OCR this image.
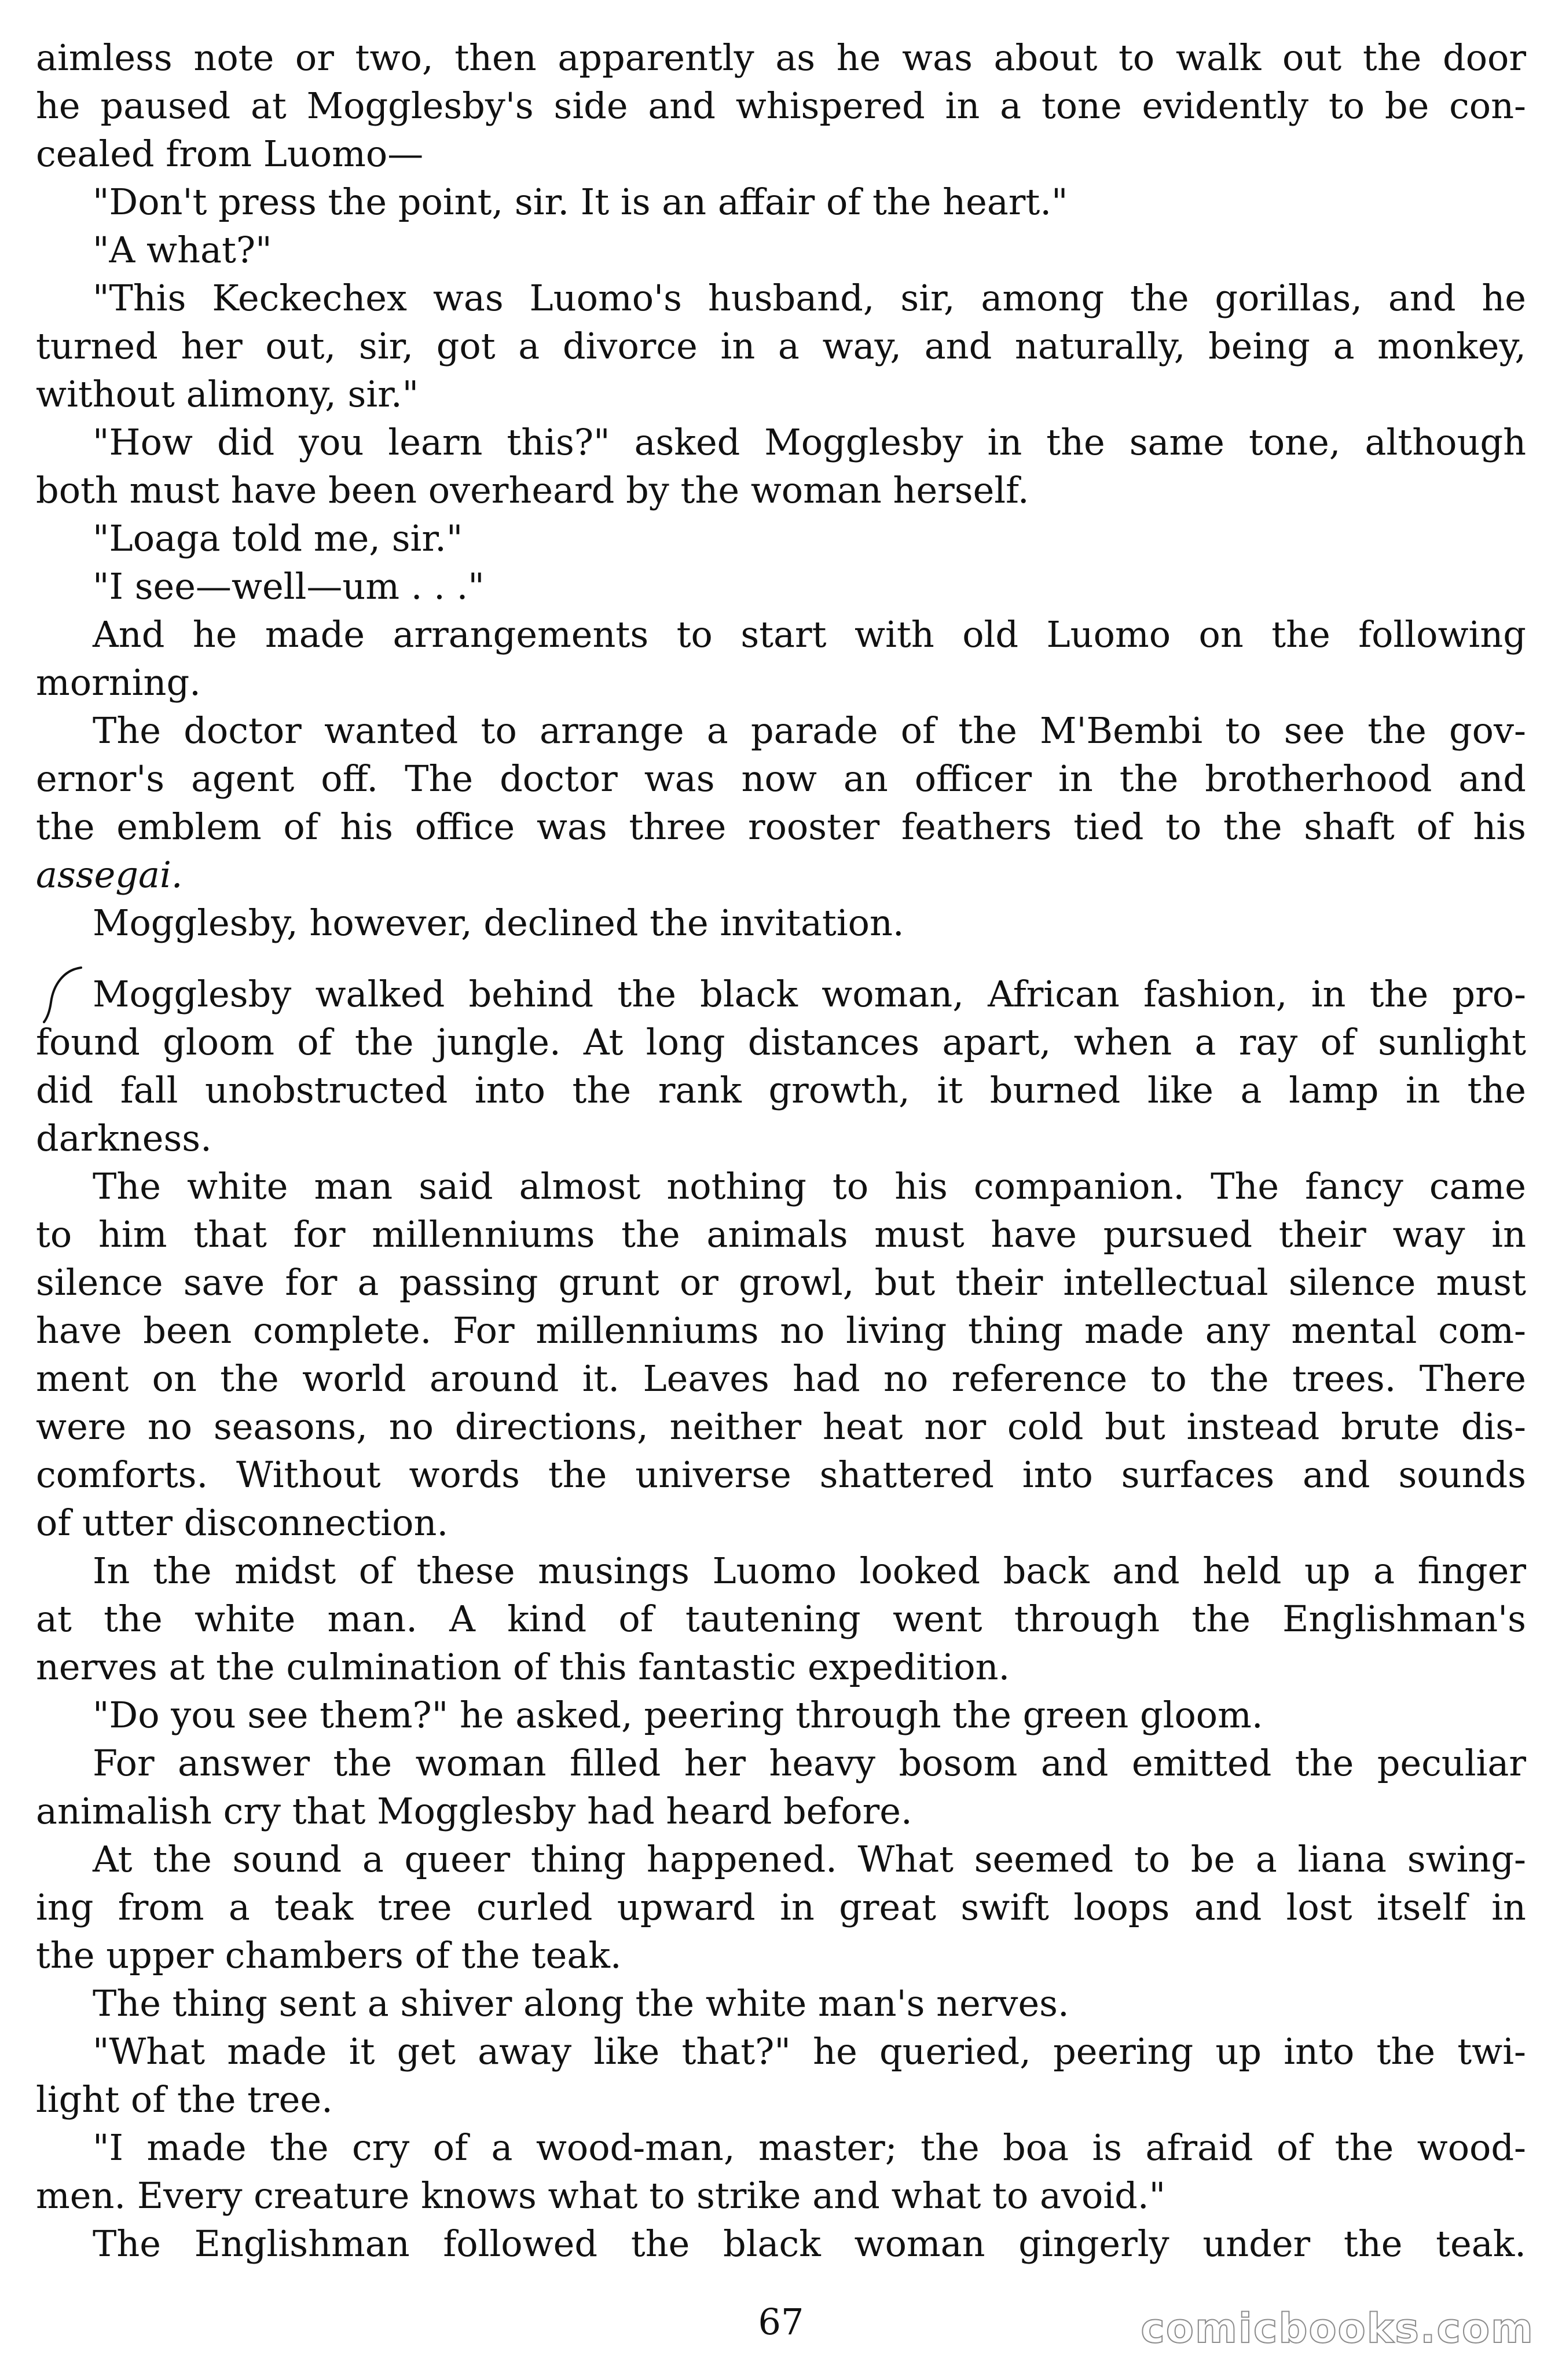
aimless note or two, then apparently as he was about to walk out the door
he paused at Mogglesby's side and whispered in a tone evidently to be con-
cealed from Luomo—
"Don't press the point, sir. It is an affair of the heart."
"A what?"
"This Keckechex was Luomo's husband, sir, among the gorillas, and he
turned her out, sir, got a divorce in a way, and naturally, being a monkey,
without alimony, sir."
"How did you learn this?" asked Mogglesby in the same tone, although
both must have been overheard by the woman herself.
"Loaga told me, sir."
"I see—well—um . . ."
And he made arrangements to start with old Luomo on the following
morning.
The doctor wanted to arrange a parade of the M'Bembi to see the gov-
ernor's agent off. The doctor was now an officer in the brotherhood and
the emblem of his office was three rooster feathers tied to the shaft of his
assegai.
Mogglesby, however, declined the invitation.
Mogglesby walked behind the black woman, African fashion, in the pro-
found gloom of the jungle. At long distances apart, when a ray of sunlight
did fall unobstructed into the rank growth, it burned like a lamp in the
darkness.
The white man said almost nothing to his companion. The fancy came
to him that for millenniums the animals must have pursued their way in
silence save for a passing grunt or growl, but their intellectual silence must
have been complete. For millenniums no living thing made any mental com-
ment on the world around it. Leaves had no reference to the trees. There
were no seasons, no directions, neither heat nor cold but instead brute dis-
comforts. Without words the universe shattered into surfaces and sounds
of utter disconnection.
In the midst of these musings Luomo looked back and held up a finger
at the white man. A kind of tautening went through the Englishman's
nerves at the culmination of this fantastic expedition.
"Do you see them?" he asked, peering through the green gloom.
For answer the woman filled her heavy bosom and emitted the peculiar
animalish cry that Mogglesby had heard before.
At the sound a queer thing happened. What seemed to be a liana swing-
ing from a teak tree curled upward in great swift loops and lost itself in
the upper chambers of the teak.
The thing sent a shiver along the white man's nerves.
"What made it get away like that?" he queried, peering up into the twi-
light of the tree.
"I made the cry of a wood-man, master; the boa is afraid of the wood-
men. Every creature knows what to strike and what to avoid."
The Englishman followed the black woman gingerly under the teak.
67	comicbooks.com
